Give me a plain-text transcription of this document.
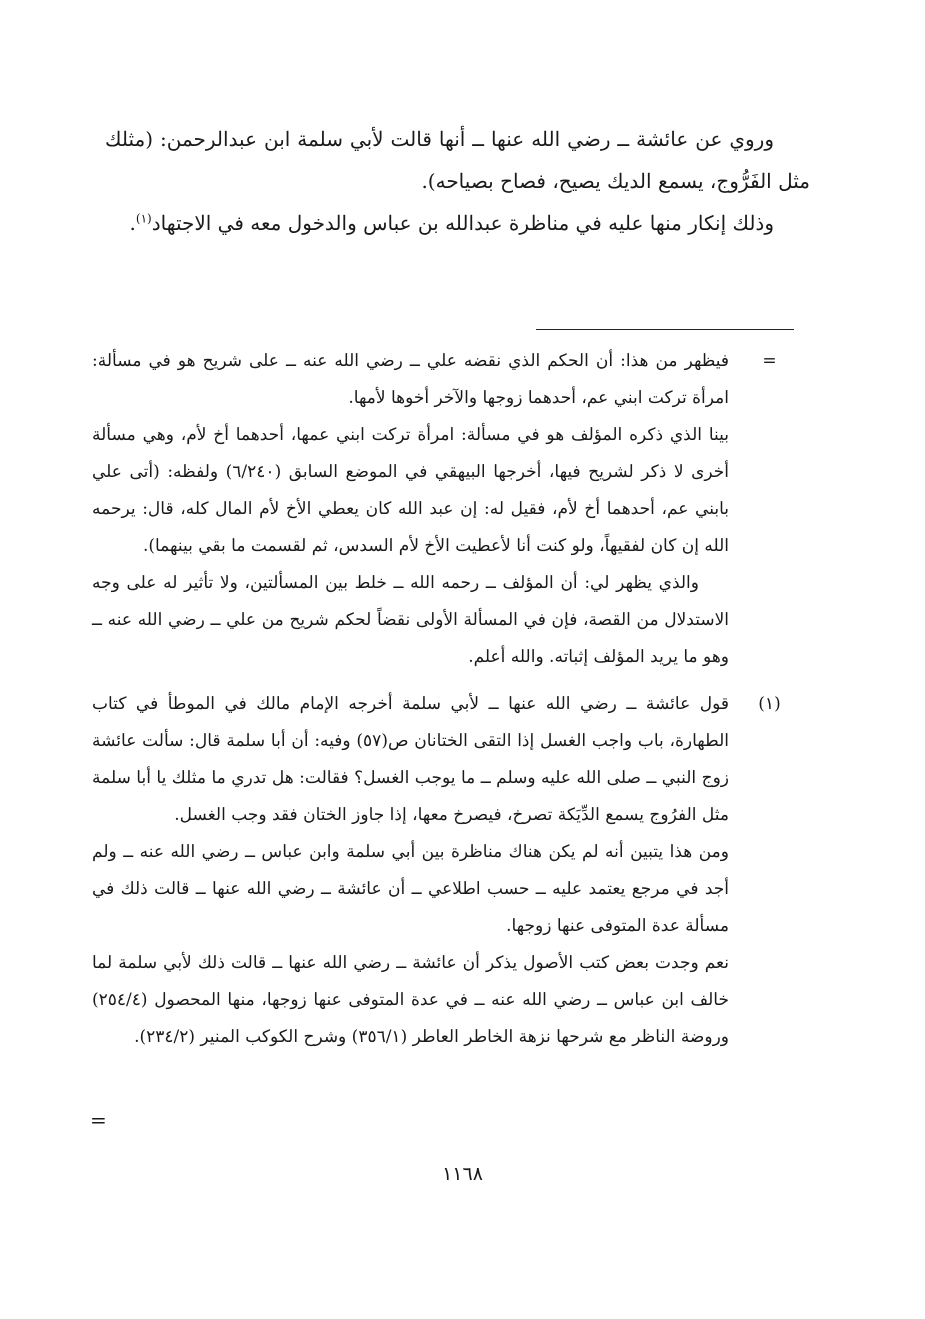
وروي عن عائشة ــ رضي الله عنها ــ أنها قالت لأبي سلمة ابن عبدالرحمن: (مثلك مثل الفَرُّوج، يسمع الديك يصيح، فصاح بصياحه).

وذلك إنكار منها عليه في مناظرة عبدالله بن عباس والدخول معه في الاجتهاد$^{(١)}$.

=

فيظهر من هذا: أن الحكم الذي نقضه علي ــ رضي الله عنه ــ على شريح هو في مسألة: امرأة تركت ابني عم، أحدهما زوجها والآخر أخوها لأمها.

بينا الذي ذكره المؤلف هو في مسألة: امرأة تركت ابني عمها، أحدهما أخ لأم، وهي مسألة أخرى لا ذكر لشريح فيها، أخرجها البيهقي في الموضع السابق (٦/٢٤٠) ولفظه: (أتى علي بابني عم، أحدهما أخ لأم، فقيل له: إن عبد الله كان يعطي الأخ لأم المال كله، قال: يرحمه الله إن كان لفقيهاً، ولو كنت أنا لأعطيت الأخ لأم السدس، ثم لقسمت ما بقي بينهما).

والذي يظهر لي: أن المؤلف ــ رحمه الله ــ خلط بين المسألتين، ولا تأثير له على وجه الاستدلال من القصة، فإن في المسألة الأولى نقضاً لحكم شريح من علي ــ رضي الله عنه ــ وهو ما يريد المؤلف إثباته. والله أعلم.

(١)

قول عائشة ــ رضي الله عنها ــ لأبي سلمة أخرجه الإمام مالك في الموطأ في كتاب الطهارة، باب واجب الغسل إذا التقى الختانان ص(٥٧) وفيه: أن أبا سلمة قال: سألت عائشة زوج النبي ــ صلى الله عليه وسلم ــ ما يوجب الغسل؟ فقالت: هل تدري ما مثلك يا أبا سلمة مثل الفرُوج يسمع الدِّيَكة تصرخ، فيصرخ معها، إذا جاوز الختان فقد وجب الغسل.

ومن هذا يتبين أنه لم يكن هناك مناظرة بين أبي سلمة وابن عباس ــ رضي الله عنه ــ ولم أجد في مرجع يعتمد عليه ــ حسب اطلاعي ــ أن عائشة ــ رضي الله عنها ــ قالت ذلك في مسألة عدة المتوفى عنها زوجها.

نعم وجدت بعض كتب الأصول يذكر أن عائشة ــ رضي الله عنها ــ قالت ذلك لأبي سلمة لما خالف ابن عباس ــ رضي الله عنه ــ في عدة المتوفى عنها زوجها، منها المحصول (٢٥٤/٤) وروضة الناظر مع شرحها نزهة الخاطر العاطر (٣٥٦/١) وشرح الكوكب المنير (٢٣٤/٢).

=
١١٦٨
